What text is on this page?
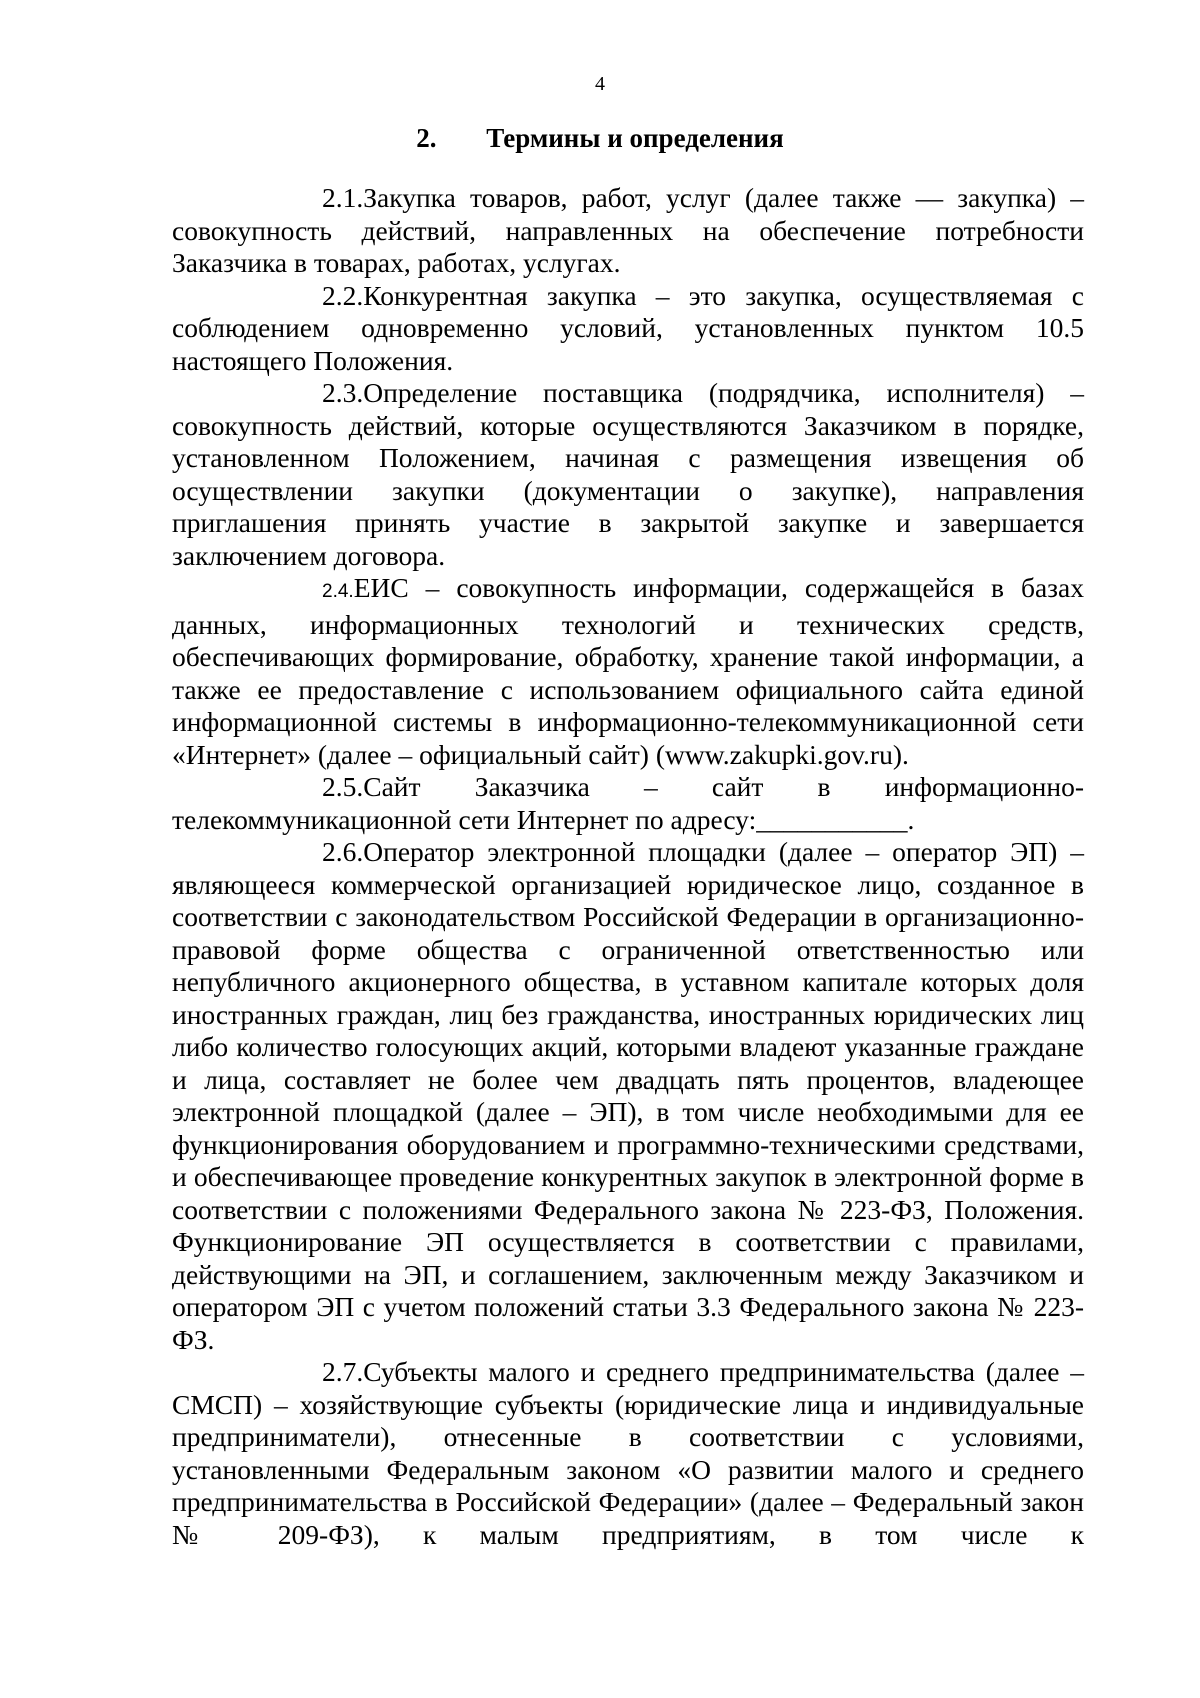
4
2. Термины и определения

2.1.Закупка товаров, работ, услуг (далее также — закупка) – совокупность действий, направленных на обеспечение потребности Заказчика в товарах, работах, услугах.

2.2.Конкурентная закупка – это закупка, осуществляемая с соблюдением одновременно условий, установленных пунктом 10.5 настоящего Положения.

2.3.Определение поставщика (подрядчика, исполнителя) – совокупность действий, которые осуществляются Заказчиком в порядке, установленном Положением, начиная с размещения извещения об осуществлении закупки (документации о закупке), направления приглашения принять участие в закрытой закупке и завершается заключением договора.

2.4.ЕИС – совокупность информации, содержащейся в базах данных, информационных технологий и технических средств, обеспечивающих формирование, обработку, хранение такой информации, а также ее предоставление с использованием официального сайта единой информационной системы в информационно-телекоммуникационной сети «Интернет» (далее – официальный сайт) (www.zakupki.gov.ru).

2.5.Сайт Заказчика – сайт в информационно-телекоммуникационной сети Интернет по адресу:___________.

2.6.Оператор электронной площадки (далее – оператор ЭП) – являющееся коммерческой организацией юридическое лицо, созданное в соответствии с законодательством Российской Федерации в организационно-правовой форме общества с ограниченной ответственностью или непубличного акционерного общества, в уставном капитале которых доля иностранных граждан, лиц без гражданства, иностранных юридических лиц либо количество голосующих акций, которыми владеют указанные граждане и лица, составляет не более чем двадцать пять процентов, владеющее электронной площадкой (далее – ЭП), в том числе необходимыми для ее функционирования оборудованием и программно-техническими средствами, и обеспечивающее проведение конкурентных закупок в электронной форме в соответствии с положениями Федерального закона № 223-ФЗ, Положения. Функционирование ЭП осуществляется в соответствии с правилами, действующими на ЭП, и соглашением, заключенным между Заказчиком и оператором ЭП с учетом положений статьи 3.3 Федерального закона № 223-ФЗ.

2.7.Субъекты малого и среднего предпринимательства (далее – СМСП) – хозяйствующие субъекты (юридические лица и индивидуальные предприниматели), отнесенные в соответствии с условиями, установленными Федеральным законом «О развитии малого и среднего предпринимательства в Российской Федерации» (далее – Федеральный закон № 209-ФЗ), к малым предприятиям, в том числе к
